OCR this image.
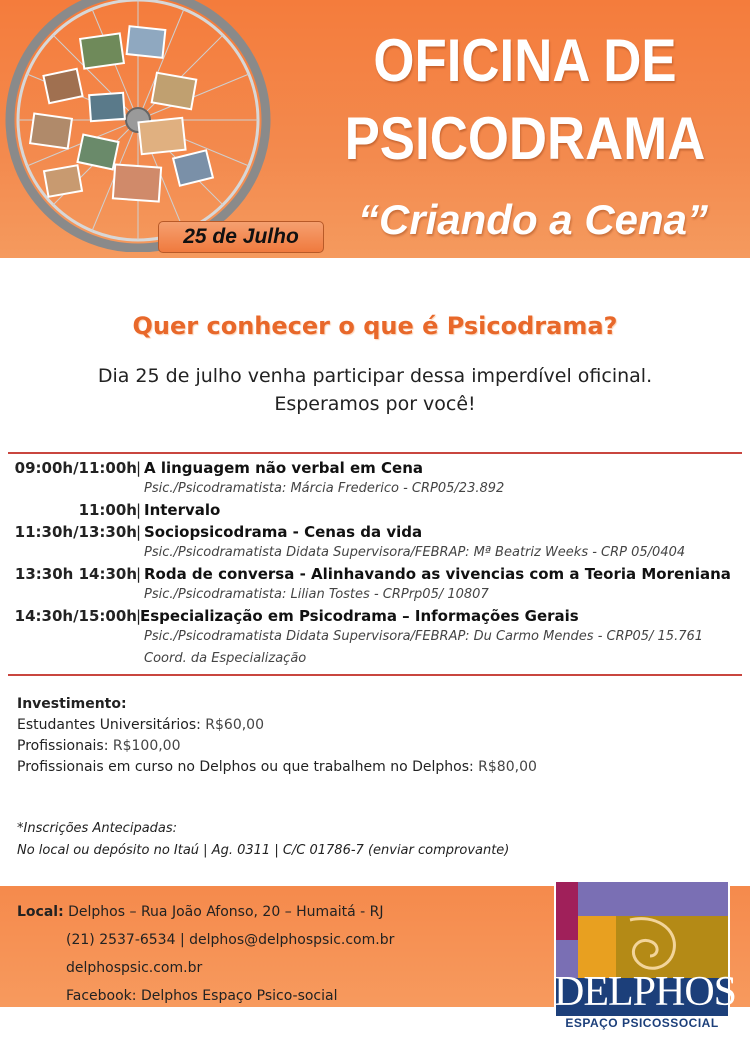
OFICINA DE
PSICODRAMA
“Criando a Cena”
25 de Julho
Quer conhecer o que é Psicodrama?
Dia 25 de julho venha participar dessa imperdível oficinal.
Esperamos por você!
09:00h/11:00h | A linguagem não verbal em Cena
Psic./Psicodramatista: Márcia Frederico - CRP05/23.892
11:00h | Intervalo
11:30h/13:30h | Sociopsicodrama - Cenas da vida
Psic./Psicodramatista Didata Supervisora/FEBRAP: Mª Beatriz Weeks - CRP 05/0404
13:30h 14:30h | Roda de conversa - Alinhavando as vivencias com a Teoria Moreniana
Psic./Psicodramatista: Lilian Tostes - CRPrp05/ 10807
14:30h/15:00h |
Especialização em Psicodrama – Informações Gerais
Psic./Psicodramatista Didata Supervisora/FEBRAP: Du Carmo Mendes - CRP05/ 15.761
Coord. da Especialização
Investimento:
Estudantes Universitários: R$60,00
Profissionais: R$100,00
Profissionais em curso no Delphos ou que trabalhem no Delphos: R$80,00
*Inscrições Antecipadas:
No local ou depósito no Itaú | Ag. 0311 | C/C 01786-7 (enviar comprovante)
Local: Delphos – Rua João Afonso, 20 – Humaitá - RJ
(21) 2537-6534 | delphos@delphospsic.com.br
delphospsic.com.br
Facebook: Delphos Espaço Psico-social	DELPHOS
ESPAÇO PSICOSSOCIAL
